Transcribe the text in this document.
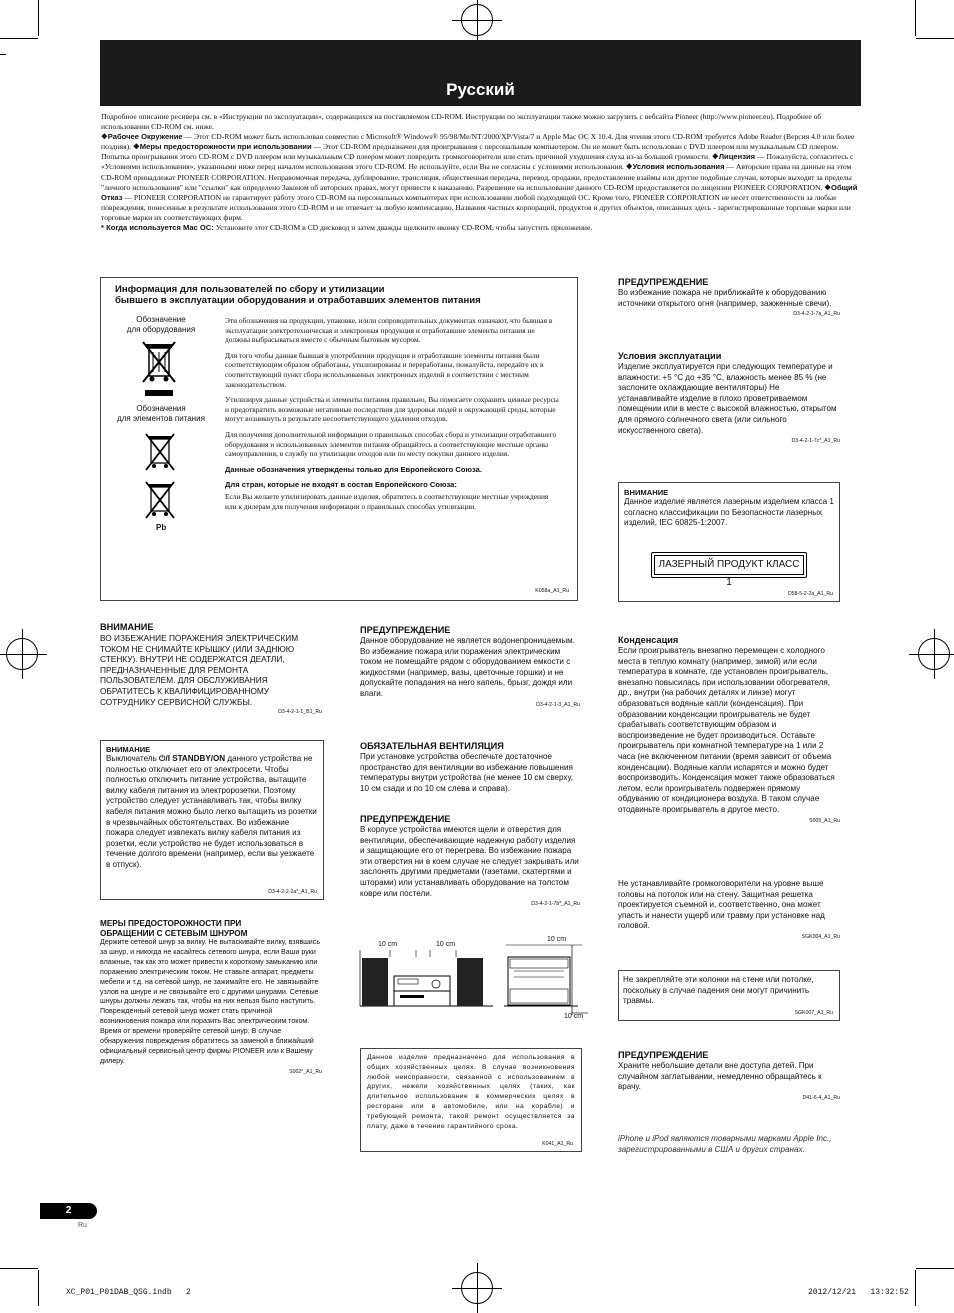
Русский

Подробное описание ресивера см. в «Инструкции по эксплуатации», содержащихся на поставляемом CD-ROM. Инструкции по эксплуатации также можно загрузить с вебсайта Pioneer (http://www.pioneer.eu). Подробнее об использовании CD-ROM см. ниже.

❖Рабочее Окружение — Этот CD-ROM может быть использован совместно с Microsoft® Windows® 95/98/Me/NT/2000/XP/Vista/7 и Apple Mac OC X 10.4. Для чтения этого CD-ROM требуется Adobe Reader (Версия 4.0 или более поздняя). ❖Меры предосторожности при использовании — Этот CD-ROM предназначен для проигрывания с персональным компьютером. Он не может быть использован с DVD плеером или музыкальным CD плеером. Попытка проигрывания этого CD-ROM с DVD плеером или музыкальным CD плеером может повредить громкоговорители или стать причиной ухудшения слуха из-за большой громкости. ❖Лицензия — Пожалуйста, согласитесь с «Условиями использования», указанными ниже перед началом использования этого CD-ROM. Не используйте, если Вы не согласны с условиями использования. ❖Условия использования — Авторские права на данные на этом CD-ROM принадлежат PIONEER CORPORATION. Неправомочная передача, дублирование, трансляция, общественная передача, перевод, продажи, предоставление взаймы или другие подобные случаи, которые выходят за пределы "личного использования" или "ссылки" как определено Законом об авторских правах, могут привести к наказанию. Разрешение на использование данного CD-ROM предоставляется по лицензии PIONEER CORPORATION. ❖Общий Отказ — PIONEER CORPORATION не гарантирует работу этого CD-ROM на персональных компьютерах при использовании любой подходящей ОС. Кроме того, PIONEER CORPORATION не несет ответственности за любые повреждения, понесенные в результате использования этого CD-ROM и не отвечает за любую компенсацию. Названия частных корпораций, продуктов и других объектов, описанных здесь - зарегистрированные торговые марки или торговые марки их соответствующих фирм.

* Когда используется Mac OC: Установите этот CD-ROM в CD дисковод и затем дважды щелкните иконку CD-ROM, чтобы запустить приложение.

Информация для пользователей по сбору и утилизации
бывшего в эксплуатации оборудования и отработавших элементов питания
Обозначение
для оборудования
Обозначения
для элементов питания
Pb

Эти обозначения на продукции, упаковке, и/или сопроводительных документах означают, что бывшая в эксплуатации электротехническая и электронная продукция и отработавшие элементы питания не должны выбрасываться вместе с обычным бытовым мусором.

Для того чтобы данная бывшая в употреблении продукция и отработавшие элементы питания были соответствующим образом обработаны, утилизированы и переработаны, пожалуйста, передайте их в соответствующий пункт сбора использованных электронных изделий в соответствии с местным законодательством.

Утилизируя данные устройства и элементы питания правильно, Вы помогаете сохранить ценные ресурсы и предотвратить возможные негативные последствия для здоровья людей и окружающей среды, которые могут возникнуть в результате несоответствующего удаления отходов.

Для получения дополнительной информации о правильных способах сбора и утилизации отработавшего оборудования и использованных элементов питания обращайтесь в соответствующие местные органы самоуправления, в службу по утилизации отходов или по месту покупки данного изделия.

Данные обозначения утверждены только для Европейского Союза.

Для стран, которые не входят в состав Европейского Союза:

Если Вы желаете утилизировать данные изделия, обратитесь в соответствующие местные учреждения или к дилерам для получения информации о правильных способах утилизации.

K058a_A1_Ru
ПРЕДУПРЕЖДЕНИЕ
Во избежание пожара не приближайте к оборудованию источники открытого огня (например, зажженные свечи).
D3-4-2-1-7a_A1_Ru
Условия эксплуатации
Изделие эксплуатируется при следующих температуре и влажности: +5 °C до +35 °C, влажность менее 85 % (не заслоните охлаждающие вентиляторы) Не устанавливайте изделие в плохо проветриваемом помещении или в месте с высокой влажностью, открытом для прямого солнечного света (или сильного искусственного света).
D3-4-2-1-7c*_A1_Ru
ВНИМАНИЕ
Данное изделие является лазерным изделием класса 1 согласно классификации по Безопасности лазерных изделий, IEC 60825-1:2007.
ЛАЗЕРНЫЙ ПРОДУКТ КЛАСС 1
D58-5-2-2a_A1_Ru
ВНИМАНИЕ
ВО ИЗБЕЖАНИЕ ПОРАЖЕНИЯ ЭЛЕКТРИЧЕСКИМ ТОКОМ НЕ СНИМАЙТЕ КРЫШКУ (ИЛИ ЗАДНЮЮ СТЕНКУ). ВНУТРИ НЕ СОДЕРЖАТСЯ ДЕАТЛИ, ПРЕДНАЗНАЧЕННЫЕ ДЛЯ РЕМОНТА ПОЛЬЗОВАТЕЛЕМ. ДЛЯ ОБСЛУЖИВАНИЯ ОБРАТИТЕСЬ К КВАЛИФИЦИРОВАННОМУ СОТРУДНИКУ СЕРВИСНОЙ СЛУЖБЫ.
D3-4-2-1-1_B1_Ru
ВНИМАНИЕ
Выключатель ⏻/I STANDBY/ON данного устройства не полностью отключает его от электросети. Чтобы полностью отключить питание устройства, вытащите вилку кабеля питания из электророзетки. Поэтому устройство следует устанавливать так, чтобы вилку кабеля питания можно было легко вытащить из розетки в чрезвычайных обстоятельствах. Во избежание пожара следует извлекать вилку кабеля питания из розетки, если устройство не будет использоваться в течение долгого времени (например, если вы уезжаете в отпуск).
D3-4-2-2-2a*_A1_Ru
МЕРЫ ПРЕДОСТОРОЖНОСТИ ПРИ
ОБРАЩЕНИИ С СЕТЕВЫМ ШНУРОМ
Держите сетевой шнур за вилку. Не вытаскивайте вилку, взявшись за шнур, и никогда не касайтесь сетевого шнура, если Ваши руки влажные, так как это может привести к короткому замыканию или поражению электрическим током. Не ставьте аппарат, предметы мебели и т.д. на сетевой шнур, не зажимайте его. Не завязывайте узлов на шнуре и не связывайте его с другими шнурами. Сетевые шнуры должны лежать так, чтобы на них нельзя было наступить. Поврежденный сетевой шнур может стать причиной возникновения пожара или поразить Вас электрическим током. Время от времени проверяйте сетевой шнур. В случае обнаружения повреждения обратитесь за заменой в ближайший официальный сервисный центр фирмы PIONEER или к Вашему дилеру.
S002*_A1_Ru
ПРЕДУПРЕЖДЕНИЕ
Данное оборудование не является водонепроницаемым. Во избежание пожара или поражения электрическим током не помещайте рядом с оборудованием емкости с жидкостями (например, вазы, цветочные горшки) и не допускайте попадания на него капель, брызг, дождя или влаги.
D3-4-2-1-3_A1_Ru
ОБЯЗАТЕЛЬНАЯ ВЕНТИЛЯЦИЯ
При установке устройства обеспечьте достаточное пространство для вентиляции во избежание повышения температуры внутри устройства (не менее 10 см сверху, 10 см сзади и по 10 см слева и справа).
ПРЕДУПРЕЖДЕНИЕ
В корпусе устройства имеются щели и отверстия для вентиляции, обеспечивающие надежную работу изделия и защищающие его от перегрева. Во избежание пожара эти отверстия ни в коем случае не следует закрывать или заслонять другими предметами (газетами, скатертями и шторами) или устанавливать оборудование на толстом ковре или постели.
D3-4-2-1-7b*_A1_Ru
10 cm	10 cm
10 cm
10 cm
Данное изделие предназначено для использования в общих хозяйственных целях. В случае возникновения любой неисправности, связанной с использованием в других, нежели хозяйственных целях (таких, как длительное использование в коммерческих целях в ресторане или в автомобиле, или на корабле) и требующей ремонта, такой ремонт осуществляется за плату, даже в течение гарантийного срока.
K041_A1_Ru
Конденсация
Если проигрыватель внезапно перемещен с холодного места в теплую комнату (например, зимой) или если температура в комнате, где установлен проигрыватель, внезапно повысилась при использовании обогревателя, др., внутри (на рабочих деталях и линзе) могут образоваться водяные капли (конденсация). При образовании конденсации проигрыватель не будет срабатывать соответствующим образом и воспроизведение не будет производиться. Оставьте проигрыватель при комнатной температуре на 1 или 2 часа (не включенном питании (время зависит от объема конденсации). Водяные капли испарятся и можно будет воспроизводить. Конденсация может также образоваться летом, если проигрыватель подвержен прямому обдуванию от кондиционера воздуха. В таком случае отодвиньте проигрыватель в другое место.
S005_A1_Ru
Не устанавливайте громкоговорители на уровне выше головы на потолок или на стену. Защитная решетка проектируется съемной и, соответственно, она может упасть и нанести ущерб или травму при установке над головой.
SGK004_A1_Ru
Не закрепляйте эти колонки на стене или потолке, поскольку в случае падения они могут причинить травмы.
SGK007_A1_Ru
ПРЕДУПРЕЖДЕНИЕ
Храните небольшие детали вне доступа детей. При случайном заглатывании, немедленно обращайтесь к врачу.
D41-6-4_A1_Ru
iPhone и iPod являются товарными марками Apple Inc., зарегистрированными в США и других странах.
2
Ru
XC_P01_P01DAB_QSG.indb 2	2012/12/21 13:32:52
